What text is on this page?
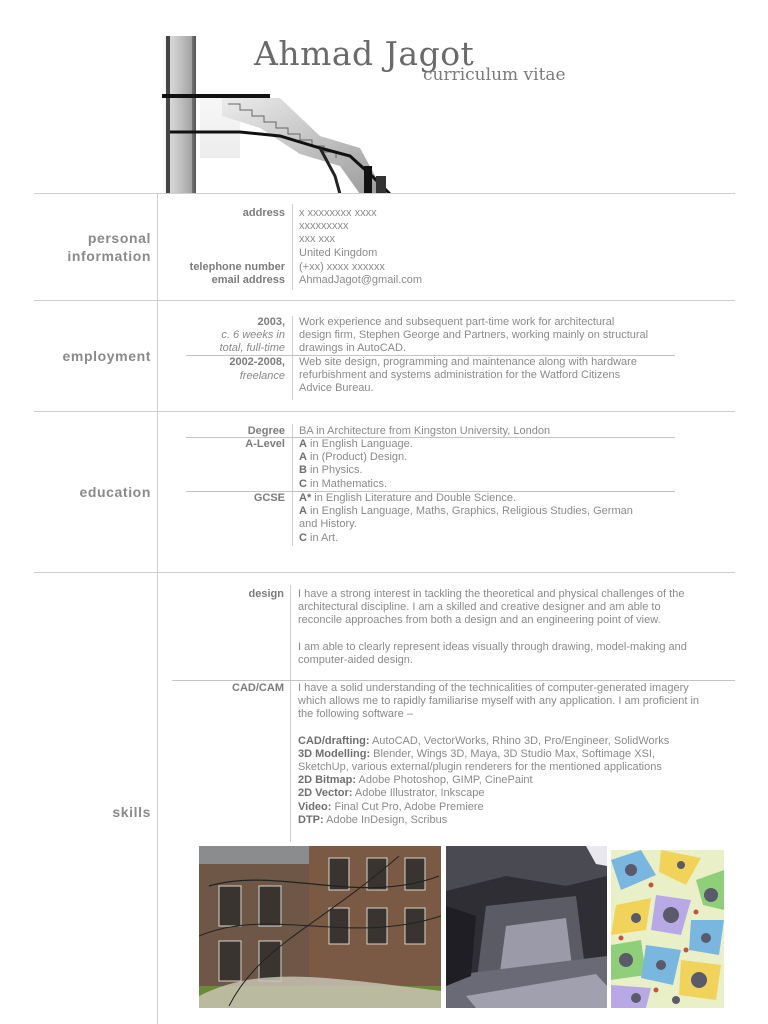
Ahmad Jagot
curriculum vitae
personal
information
address x xxxxxxxx xxxx
xxxxxxxxx
xxx xxx
United Kingdom
telephone number (+xx) xxxx xxxxxx
email address AhmadJagot@gmail.com
employment
2003,
c. 6 weeks in
total, full-time
Work experience and subsequent part-time work for architectural
design firm, Stephen George and Partners, working mainly on structural
drawings in AutoCAD.
2002-2008,
freelance
Web site design, programming and maintenance along with hardware
refurbishment and systems administration for the Watford Citizens
Advice Bureau.
education
Degree BA in Architecture from Kingston University, London
A-Level A in English Language.
A in (Product) Design.
B in Physics.
C in Mathematics.
GCSE A* in English Literature and Double Science.
A in English Language, Maths, Graphics, Religious Studies, German
and History.
C in Art.
skills
design I have a strong interest in tackling the theoretical and physical challenges of the
architectural discipline. I am a skilled and creative designer and am able to
reconcile approaches from both a design and an engineering point of view.
I am able to clearly represent ideas visually through drawing, model-making and
computer-aided design.
CAD/CAM I have a solid understanding of the technicalities of computer-generated imagery
which allows me to rapidly familiarise myself with any application. I am proficient in
the following software –
CAD/drafting: AutoCAD, VectorWorks, Rhino 3D, Pro/Engineer, SolidWorks
3D Modelling: Blender, Wings 3D, Maya, 3D Studio Max, Softimage XSI,
SketchUp, various external/plugin renderers for the mentioned applications
2D Bitmap: Adobe Photoshop, GIMP, CinePaint
2D Vector: Adobe Illustrator, Inkscape
Video: Final Cut Pro, Adobe Premiere
DTP: Adobe InDesign, Scribus
